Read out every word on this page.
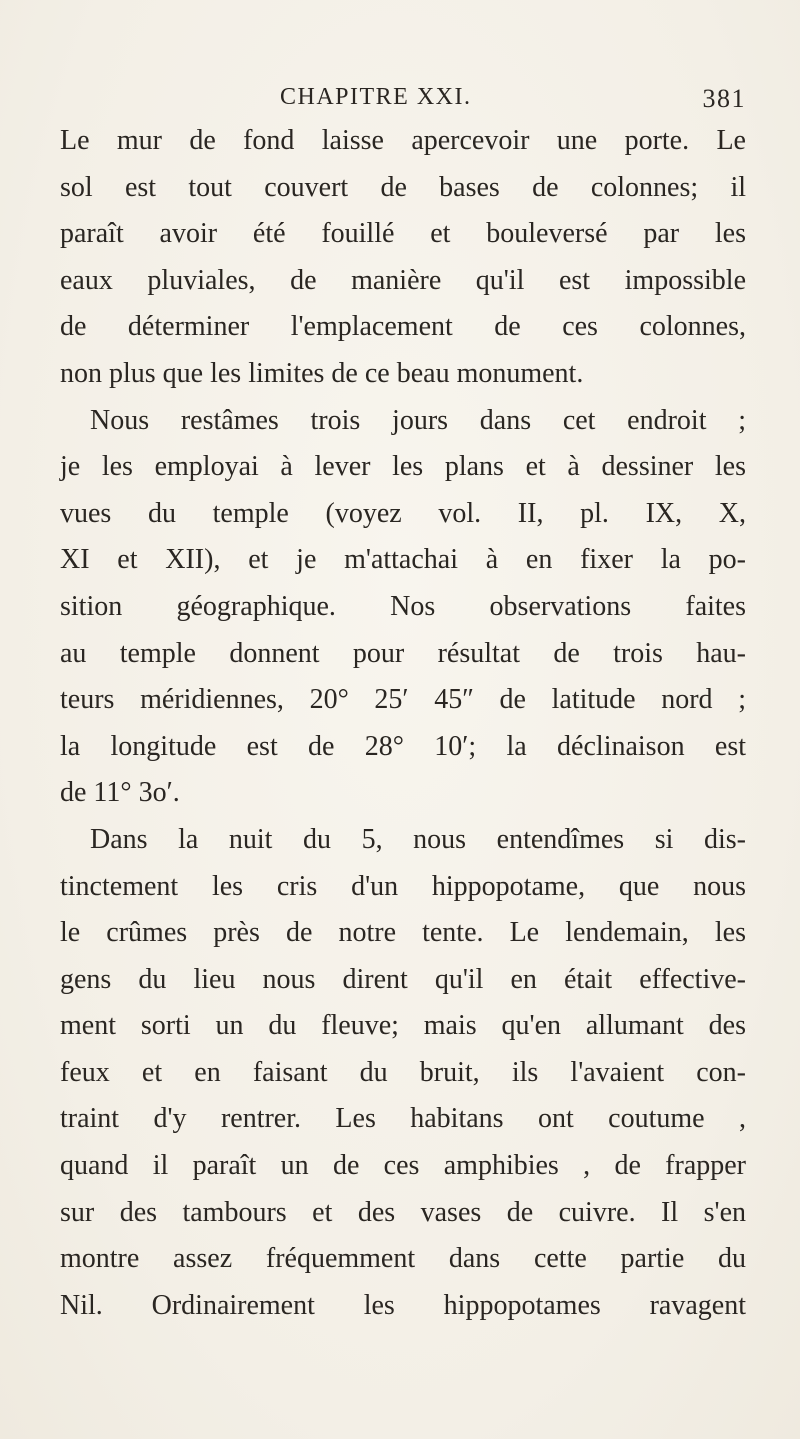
CHAPITRE XXI.	381
Le mur de fond laisse apercevoir une porte. Le
sol est tout couvert de bases de colonnes; il
paraît avoir été fouillé et bouleversé par les
eaux pluviales, de manière qu'il est impossible
de déterminer l'emplacement de ces colonnes,
non plus que les limites de ce beau monument.
Nous restâmes trois jours dans cet endroit ;
je les employai à lever les plans et à dessiner les
vues du temple (voyez vol. II, pl. IX, X,
XI et XII), et je m'attachai à en fixer la po-
sition géographique. Nos observations faites
au temple donnent pour résultat de trois hau-
teurs méridiennes, 20° 25′ 45″ de latitude nord ;
la longitude est de 28° 10′; la déclinaison est
de 11° 3o′.
Dans la nuit du 5, nous entendîmes si dis-
tinctement les cris d'un hippopotame, que nous
le crûmes près de notre tente. Le lendemain, les
gens du lieu nous dirent qu'il en était effective-
ment sorti un du fleuve; mais qu'en allumant des
feux et en faisant du bruit, ils l'avaient con-
traint d'y rentrer. Les habitans ont coutume ,
quand il paraît un de ces amphibies , de frapper
sur des tambours et des vases de cuivre. Il s'en
montre assez fréquemment dans cette partie du
Nil. Ordinairement les hippopotames ravagent
